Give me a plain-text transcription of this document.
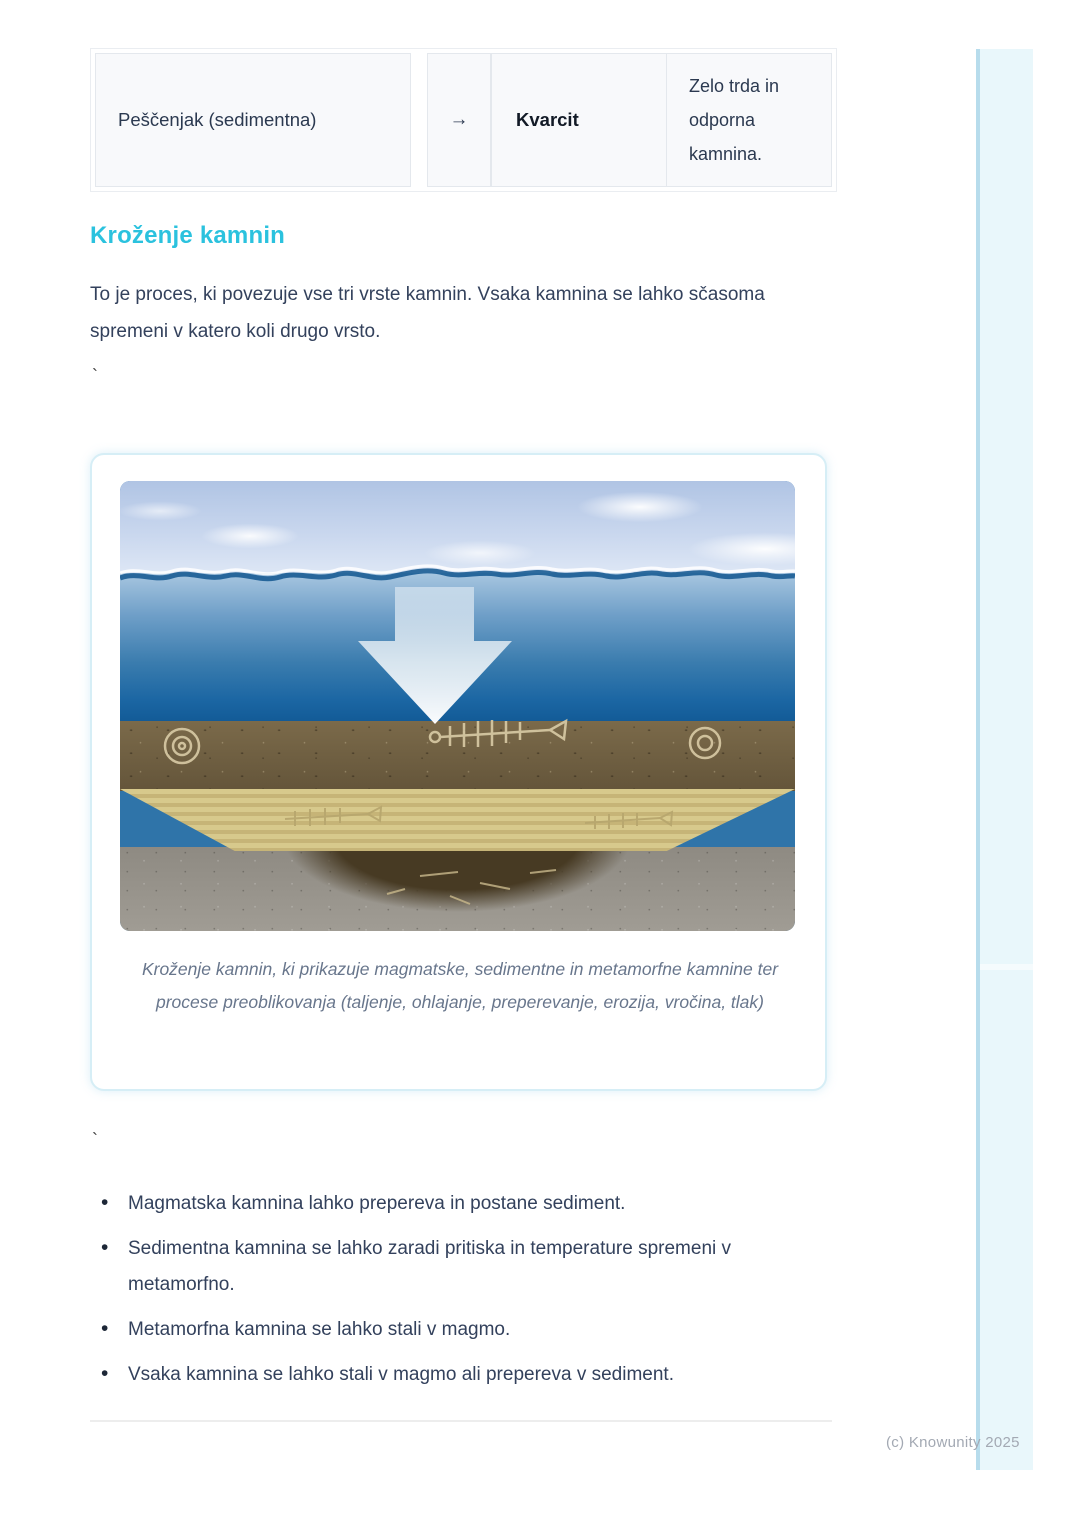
Peščenjak (sedimentna)	→	Kvarcit
Zelo trda in odporna kamnina.
Kroženje kamnin

To je proces, ki povezuje vse tri vrste kamnin. Vsaka kamnina se lahko sčasoma spremeni v katero koli drugo vrsto.

`
Kroženje kamnin, ki prikazuje magmatske, sedimentne in metamorfne kamnine ter procese preoblikovanja (taljenje, ohlajanje, preperevanje, erozija, vročina, tlak)
`
• Magmatska kamnina lahko prepereva in postane sediment.
• Sedimentna kamnina se lahko zaradi pritiska in temperature spremeni v metamorfno.
• Metamorfna kamnina se lahko stali v magmo.
• Vsaka kamnina se lahko stali v magmo ali prepereva v sediment.
(c) Knowunity 2025
